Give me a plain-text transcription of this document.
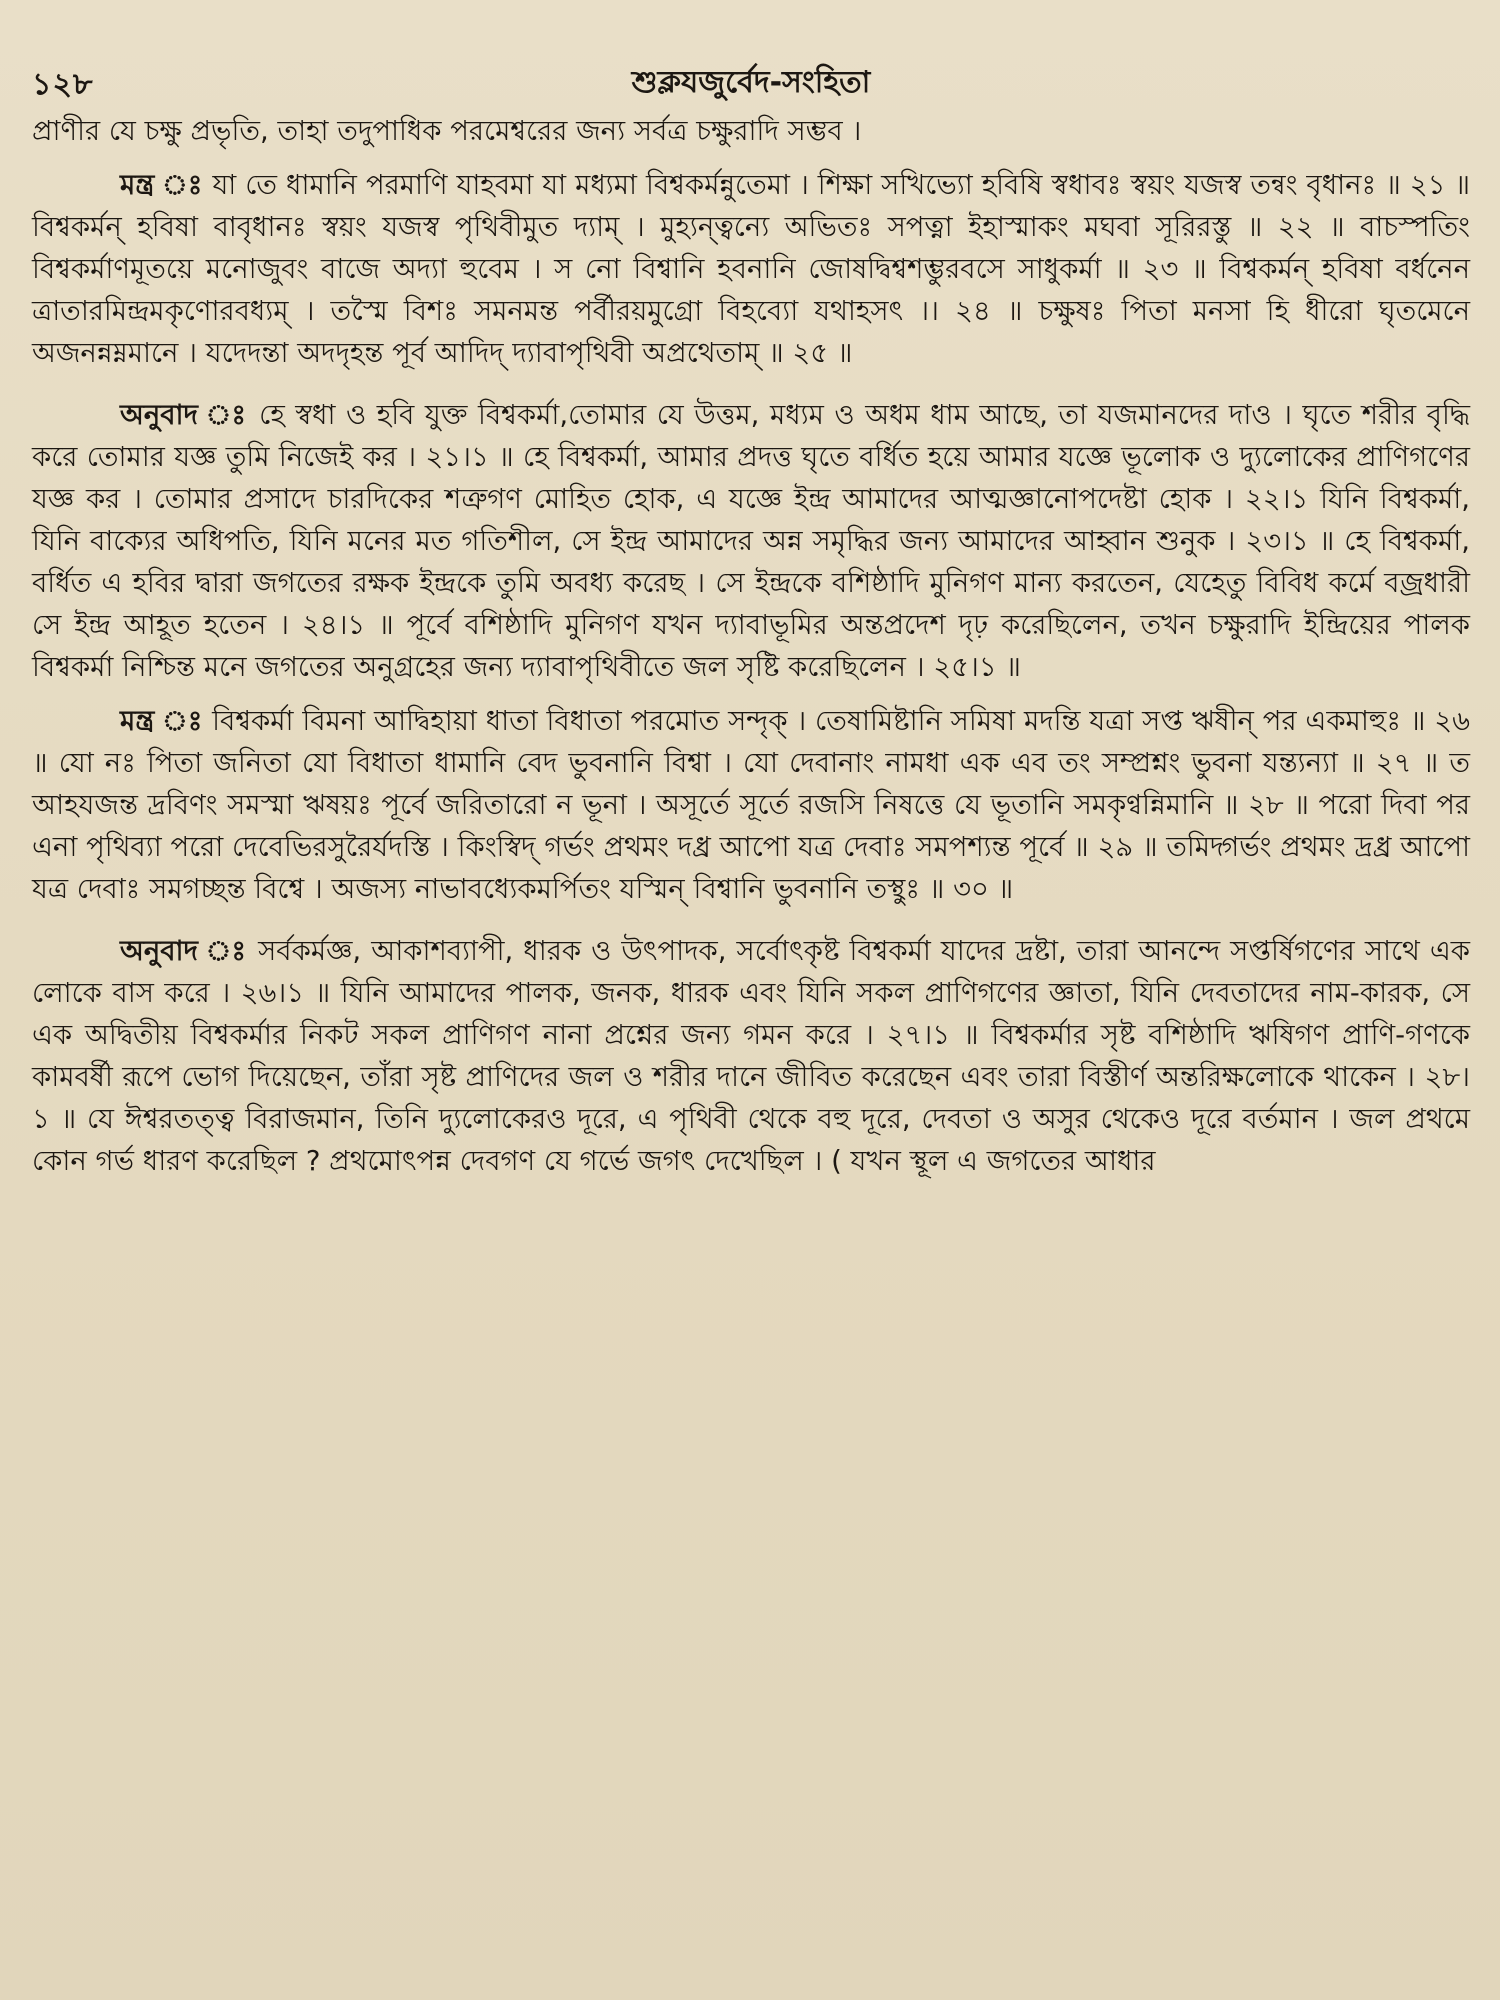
১২৮	শুক্লযজুর্বেদ-সংহিতা

প্রাণীর যে চক্ষু প্রভৃতি, তাহা তদুপাধিক পরমেশ্বরের জন্য সর্বত্র চক্ষুরাদি সম্ভব ।

মন্ত্র ঃ যা তে ধামানি পরমাণি যাহবমা যা মধ্যমা বিশ্বকর্মন্নুতেমা । শিক্ষা সখিভ্যো হবিষি স্বধাবঃ স্বয়ং যজস্ব তন্বং বৃধানঃ ॥ ২১ ॥ বিশ্বকর্মন্ হবিষা বাবৃধানঃ স্বয়ং যজস্ব পৃথিবীমুত দ্যাম্ । মুহ্যন্ত্বন্যে অভিতঃ সপত্না ইহাস্মাকং মঘবা সূরিরস্তু ॥ ২২ ॥ বাচস্পতিং বিশ্বকর্মাণমূতয়ে মনোজুবং বাজে অদ্যা হুবেম । স নো বিশ্বানি হবনানি জোষদ্বিশ্বশম্ভুরবসে সাধুকর্মা ॥ ২৩ ॥ বিশ্বকর্মন্ হবিষা বর্ধনেন ত্রাতারমিন্দ্রমকৃণোরবধ্যম্ । তস্মৈ বিশঃ সমনমন্ত পর্বীরয়মুগ্রো বিহব্যো যথাহসৎ ।। ২৪ ॥ চক্ষুষঃ পিতা মনসা হি ধীরো ঘৃতমেনে অজনন্নম্নমানে । যদেদন্তা অদদৃহন্ত পূর্ব আদিদ্ দ্যাবাপৃথিবী অপ্রথেতাম্ ॥ ২৫ ॥

অনুবাদ ঃ হে স্বধা ও হবি যুক্ত বিশ্বকর্মা,তোমার যে উত্তম, মধ্যম ও অধম ধাম আছে, তা যজমানদের দাও । ঘৃতে শরীর বৃদ্ধি করে তোমার যজ্ঞ তুমি নিজেই কর । ২১।১ ॥ হে বিশ্বকর্মা, আমার প্রদত্ত ঘৃতে বর্ধিত হয়ে আমার যজ্ঞে ভূলোক ও দ্যুলোকের প্রাণিগণের যজ্ঞ কর । তোমার প্রসাদে চারদিকের শত্রুগণ মোহিত হোক, এ যজ্ঞে ইন্দ্র আমাদের আত্মজ্ঞানোপদেষ্টা হোক । ২২।১ যিনি বিশ্বকর্মা, যিনি বাক্যের অধিপতি, যিনি মনের মত গতিশীল, সে ইন্দ্র আমাদের অন্ন সমৃদ্ধির জন্য আমাদের আহ্বান শুনুক । ২৩।১ ॥ হে বিশ্বকর্মা, বর্ধিত এ হবির দ্বারা জগতের রক্ষক ইন্দ্রকে তুমি অবধ্য করেছ । সে ইন্দ্রকে বশিষ্ঠাদি মুনিগণ মান্য করতেন, যেহেতু বিবিধ কর্মে বজ্রধারী সে ইন্দ্র আহূত হতেন । ২৪।১ ॥ পূর্বে বশিষ্ঠাদি মুনিগণ যখন দ্যাবাভূমির অন্তপ্রদেশ দৃঢ় করেছিলেন, তখন চক্ষুরাদি ইন্দ্রিয়ের পালক বিশ্বকর্মা নিশ্চিন্ত মনে জগতের অনুগ্রহের জন্য দ্যাবাপৃথিবীতে জল সৃষ্টি করেছিলেন । ২৫।১ ॥

মন্ত্র ঃ বিশ্বকর্মা বিমনা আদ্বিহায়া ধাতা বিধাতা পরমোত সন্দৃক্ । তেষামিষ্টানি সমিষা মদন্তি যত্রা সপ্ত ঋষীন্ পর একমাহুঃ ॥ ২৬ ॥ যো নঃ পিতা জনিতা যো বিধাতা ধামানি বেদ ভুবনানি বিশ্বা । যো দেবানাং নামধা এক এব তং সম্প্রশ্নং ভুবনা যন্ত্যন্যা ॥ ২৭ ॥ ত আহযজন্ত দ্রবিণং সমস্মা ঋষয়ঃ পূর্বে জরিতারো ন ভূনা । অসূর্তে সূর্তে রজসি নিষত্তে যে ভূতানি সমকৃণ্বন্নিমানি ॥ ২৮ ॥ পরো দিবা পর এনা পৃথিব্যা পরো দেবেভিরসুরৈর্যদস্তি । কিংস্বিদ্ গর্ভং প্রথমং দধ্র আপো যত্র দেবাঃ সমপশ্যন্ত পূর্বে ॥ ২৯ ॥ তমিদ্গর্ভং প্রথমং দ্রধ্র আপো যত্র দেবাঃ সমগচ্ছন্ত বিশ্বে । অজস্য নাভাবধ্যেকমর্পিতং যস্মিন্ বিশ্বানি ভুবনানি তস্থুঃ ॥ ৩০ ॥

অনুবাদ ঃ সর্বকর্মজ্ঞ, আকাশব্যাপী, ধারক ও উৎপাদক, সর্বোৎকৃষ্ট বিশ্বকর্মা যাদের দ্রষ্টা, তারা আনন্দে সপ্তর্ষিগণের সাথে এক লোকে বাস করে । ২৬।১ ॥ যিনি আমাদের পালক, জনক, ধারক এবং যিনি সকল প্রাণিগণের জ্ঞাতা, যিনি দেবতাদের নাম-কারক, সে এক অদ্বিতীয় বিশ্বকর্মার নিকট সকল প্রাণিগণ নানা প্রশ্নের জন্য গমন করে । ২৭।১ ॥ বিশ্বকর্মার সৃষ্ট বশিষ্ঠাদি ঋষিগণ প্রাণি-গণকে কামবর্ষী রূপে ভোগ দিয়েছেন, তাঁরা সৃষ্ট প্রাণিদের জল ও শরীর দানে জীবিত করেছেন এবং তারা বিস্তীর্ণ অন্তরিক্ষলোকে থাকেন । ২৮।১ ॥ যে ঈশ্বরতত্ত্ব বিরাজমান, তিনি দ্যুলোকেরও দূরে, এ পৃথিবী থেকে বহু দূরে, দেবতা ও অসুর থেকেও দূরে বর্তমান । জল প্রথমে কোন গর্ভ ধারণ করেছিল ? প্রথমোৎপন্ন দেবগণ যে গর্ভে জগৎ দেখেছিল । ( যখন স্থূল এ জগতের আধার
